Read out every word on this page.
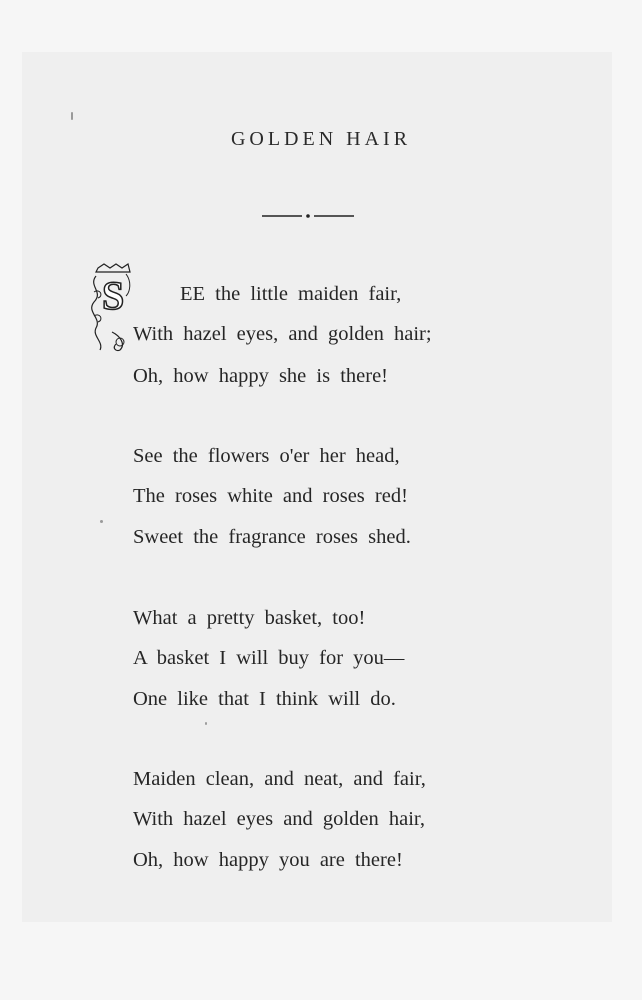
GOLDEN HAIR
S	EE the little maiden fair,
With hazel eyes, and golden hair;
Oh, how happy she is there!
See the flowers o'er her head,
The roses white and roses red!
Sweet the fragrance roses shed.
What a pretty basket, too!
A basket I will buy for you—
One like that I think will do.
Maiden clean, and neat, and fair,
With hazel eyes and golden hair,
Oh, how happy you are there!
